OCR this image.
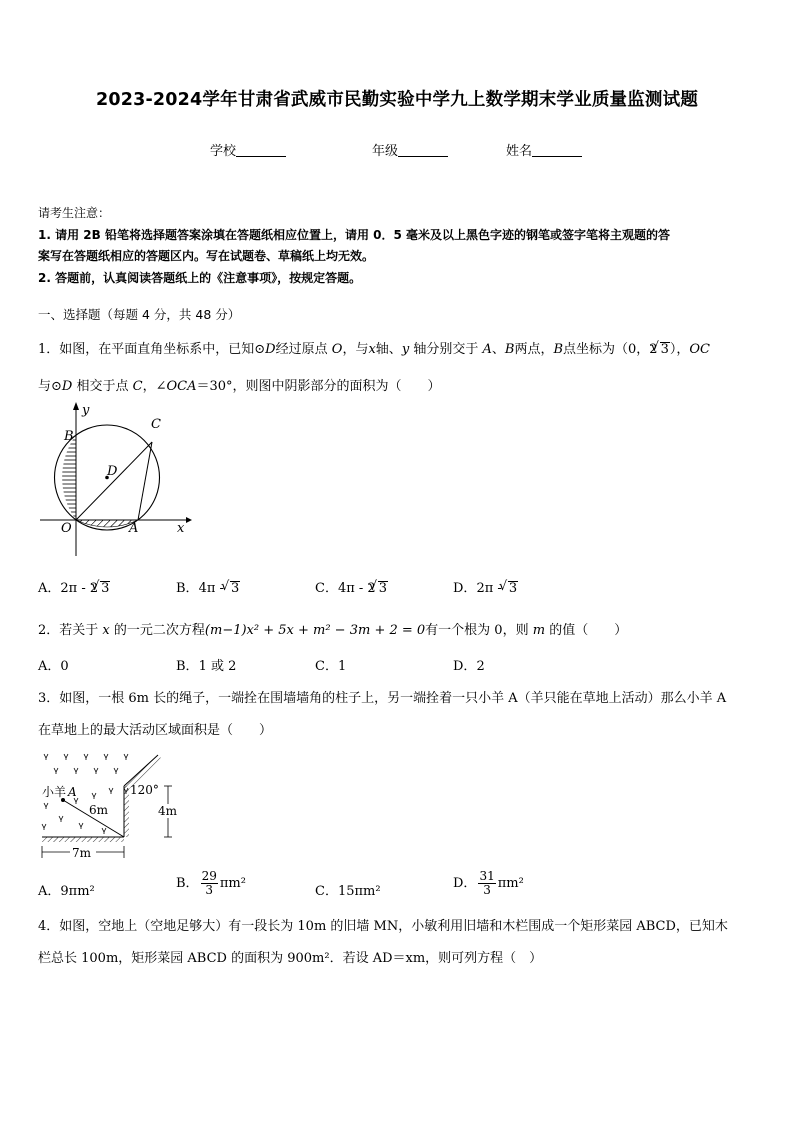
2023-2024学年甘肃省武威市民勤实验中学九上数学期末学业质量监测试题
学校	年级	姓名
请考生注意：
1. 请用 2B 铅笔将选择题答案涂填在答题纸相应位置上，请用 0．5 毫米及以上黑色字迹的钢笔或签字笔将主观题的答
案写在答题纸相应的答题区内。写在试题卷、草稿纸上均无效。
2. 答题前，认真阅读答题纸上的《注意事项》，按规定答题。
一、选择题（每题 4 分，共 48 分）
1．如图，在平面直角坐标系中，已知⊙D经过原点 O，与x轴、y 轴分别交于 A、B两点，B点坐标为（0，2 √ 3），OC
与⊙D 相交于点 C，∠OCA＝30°，则图中阴影部分的面积为（　　）
y
B
C
D
O	A	x
A．2π - 2 √ 3	B．4π - √ 3	C．4π - 2 √ 3	D．2π - √ 3
2．若关于 x 的一元二次方程(m−1)x² + 5x + m² − 3m + 2 = 0有一个根为 0，则 m 的值（　　）
A．0	B．1 或 2	C．1	D．2
3．如图，一根 6m 长的绳子，一端拴在围墙墙角的柱子上，另一端拴着一只小羊 A（羊只能在草地上活动）那么小羊 A
在草地上的最大活动区域面积是（　　）
小羊 A
6m
120°
4m
7m
A．9πm²
B． $\frac{29}{3} \pi m^2$
C．15πm²
D． $\frac{31}{3} \pi m^2$
4．如图，空地上（空地足够大）有一段长为 10m 的旧墙 MN，小敏利用旧墙和木栏围成一个矩形菜园 ABCD，已知木
栏总长 100m，矩形菜园 ABCD 的面积为 900m²．若设 AD＝xm，则可列方程（　）
